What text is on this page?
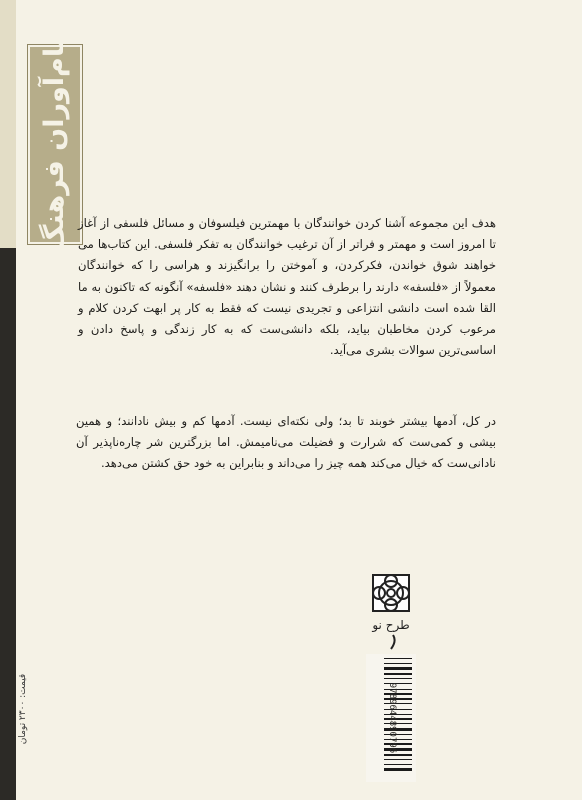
نام‌آوران فرهنگ هدف این مجموعه آشنا کردن خوانندگان با مهمترین فیلسوفان و مسائل فلسفی از آغاز تا امروز است و مهمتر و فراتر از آن ترغیب خوانندگان به تفکر فلسفی. این کتاب‌ها می خواهند شوق خواندن، فکرکردن، و آموختن را برانگیزند و هراسی را که خوانندگان معمولاً از «فلسفه» دارند را برطرف کنند و نشان دهند «فلسفه» آنگونه که تاکنون به ما القا شده است دانشی انتزاعی و تجریدی نیست که فقط به کار پر ابهت کردن کلام و مرعوب کردن مخاطبان بیاید، بلکه دانشی‌ست که به کار زندگی و پاسخ دادن و اساسی‌ترین سوالات بشری می‌آید.

در کل، آدمها بیشتر خوبند تا بد؛ ولی نکته‌ای نیست. آدمها کم و بیش نادانند؛ و همین بیشی و کمی‌ست که شرارت و فضیلت می‌نامیمش. اما بزرگترین شر چاره‌ناپذیر آن نادانی‌ست که خیال می‌کند همه چیز را می‌داند و بنابراین به خود حق کشتن می‌دهد.

طرح نو
9789644890796
قیمت: ۲۳۰۰ تومان
